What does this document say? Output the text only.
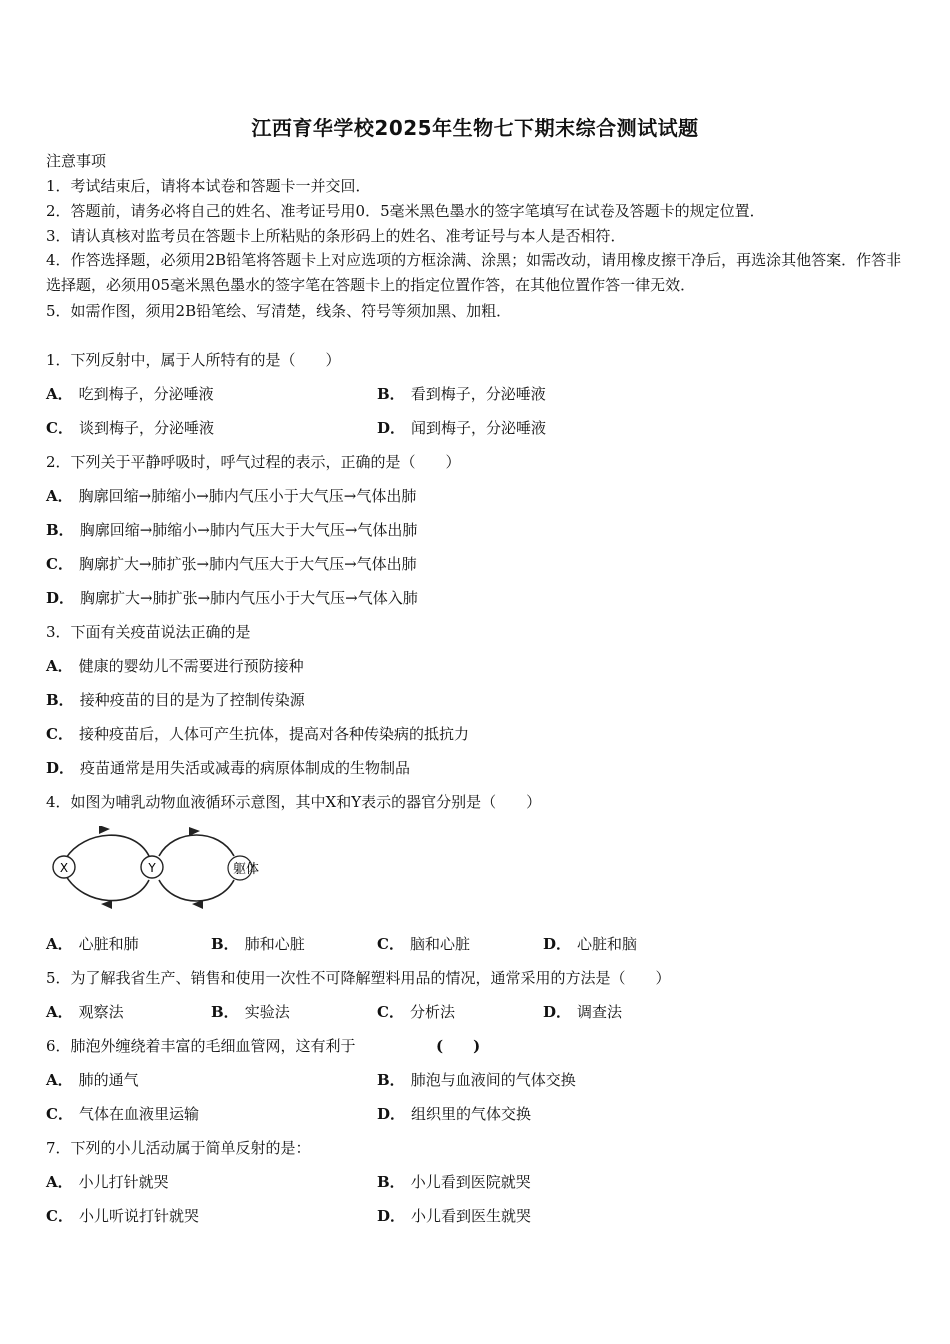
江西育华学校2025年生物七下期末综合测试试题
注意事项
1．考试结束后，请将本试卷和答题卡一并交回．
2．答题前，请务必将自己的姓名、准考证号用0．5毫米黑色墨水的签字笔填写在试卷及答题卡的规定位置．
3．请认真核对监考员在答题卡上所粘贴的条形码上的姓名、准考证号与本人是否相符．
4．作答选择题，必须用2B铅笔将答题卡上对应选项的方框涂满、涂黑；如需改动，请用橡皮擦干净后，再选涂其他答案．作答非选择题，必须用05毫米黑色墨水的签字笔在答题卡上的指定位置作答，在其他位置作答一律无效．
5．如需作图，须用2B铅笔绘、写清楚，线条、符号等须加黑、加粗．
1．下列反射中，属于人所特有的是（　　）
A． 吃到梅子，分泌唾液	B． 看到梅子，分泌唾液
C． 谈到梅子，分泌唾液	D． 闻到梅子，分泌唾液
2．下列关于平静呼吸时，呼气过程的表示，正确的是（　　）
A． 胸廓回缩→肺缩小→肺内气压小于大气压→气体出肺
B． 胸廓回缩→肺缩小→肺内气压大于大气压→气体出肺
C． 胸廓扩大→肺扩张→肺内气压大于大气压→气体出肺
D． 胸廓扩大→肺扩张→肺内气压小于大气压→气体入肺
3．下面有关疫苗说法正确的是
A． 健康的婴幼儿不需要进行预防接种
B． 接种疫苗的目的是为了控制传染源
C． 接种疫苗后，人体可产生抗体，提高对各种传染病的抵抗力
D． 疫苗通常是用失活或减毒的病原体制成的生物制品
4．如图为哺乳动物血液循环示意图，其中X和Y表示的器官分别是（　　）
X	Y	躯体
A． 心脏和肺	B． 肺和心脏	C． 脑和心脏	D． 心脏和脑
5．为了解我省生产、销售和使用一次性不可降解塑料用品的情况，通常采用的方法是（　　）
A． 观察法	B． 实验法	C． 分析法	D． 调查法
6．肺泡外缠绕着丰富的毛细血管网，这有利于	(　　)
A． 肺的通气	B． 肺泡与血液间的气体交换
C． 气体在血液里运输	D． 组织里的气体交换
7．下列的小儿活动属于简单反射的是：
A． 小儿打针就哭	B． 小儿看到医院就哭
C． 小儿听说打针就哭	D． 小儿看到医生就哭
